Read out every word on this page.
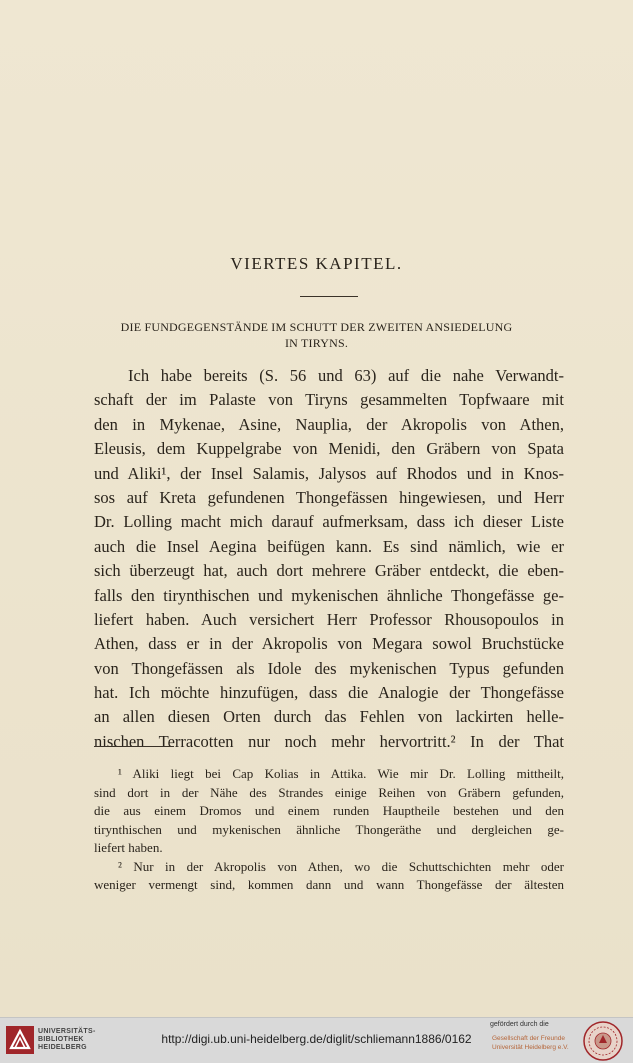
VIERTES KAPITEL.
DIE FUNDGEGENSTÄNDE IM SCHUTT DER ZWEITEN ANSIEDELUNG
IN TIRYNS.
Ich habe bereits (S. 56 und 63) auf die nahe Verwandt-
schaft der im Palaste von Tiryns gesammelten Topfwaare mit
den in Mykenae, Asine, Nauplia, der Akropolis von Athen,
Eleusis, dem Kuppelgrabe von Menidi, den Gräbern von Spata
und Aliki¹, der Insel Salamis, Jalysos auf Rhodos und in Knos-
sos auf Kreta gefundenen Thongefässen hingewiesen, und Herr
Dr. Lolling macht mich darauf aufmerksam, dass ich dieser Liste
auch die Insel Aegina beifügen kann. Es sind nämlich, wie er
sich überzeugt hat, auch dort mehrere Gräber entdeckt, die eben-
falls den tirynthischen und mykenischen ähnliche Thongefässe ge-
liefert haben. Auch versichert Herr Professor Rhousopoulos in
Athen, dass er in der Akropolis von Megara sowol Bruchstücke
von Thongefässen als Idole des mykenischen Typus gefunden
hat. Ich möchte hinzufügen, dass die Analogie der Thongefässe
an allen diesen Orten durch das Fehlen von lackirten helle-
nischen Terracotten nur noch mehr hervortritt.² In der That
¹ Aliki liegt bei Cap Kolias in Attika. Wie mir Dr. Lolling mittheilt,
sind dort in der Nähe des Strandes einige Reihen von Gräbern gefunden,
die aus einem Dromos und einem runden Hauptheile bestehen und den
tirynthischen und mykenischen ähnliche Thongeräthe und dergleichen ge-
liefert haben.
² Nur in der Akropolis von Athen, wo die Schuttschichten mehr oder
weniger vermengt sind, kommen dann und wann Thongefässe der ältesten
UNIVERSITÄTS-
BIBLIOTHEK
HEIDELBERG
http://digi.ub.uni-heidelberg.de/diglit/schliemann1886/0162
gefördert durch die
Gesellschaft der Freunde
Universität Heidelberg e.V.
